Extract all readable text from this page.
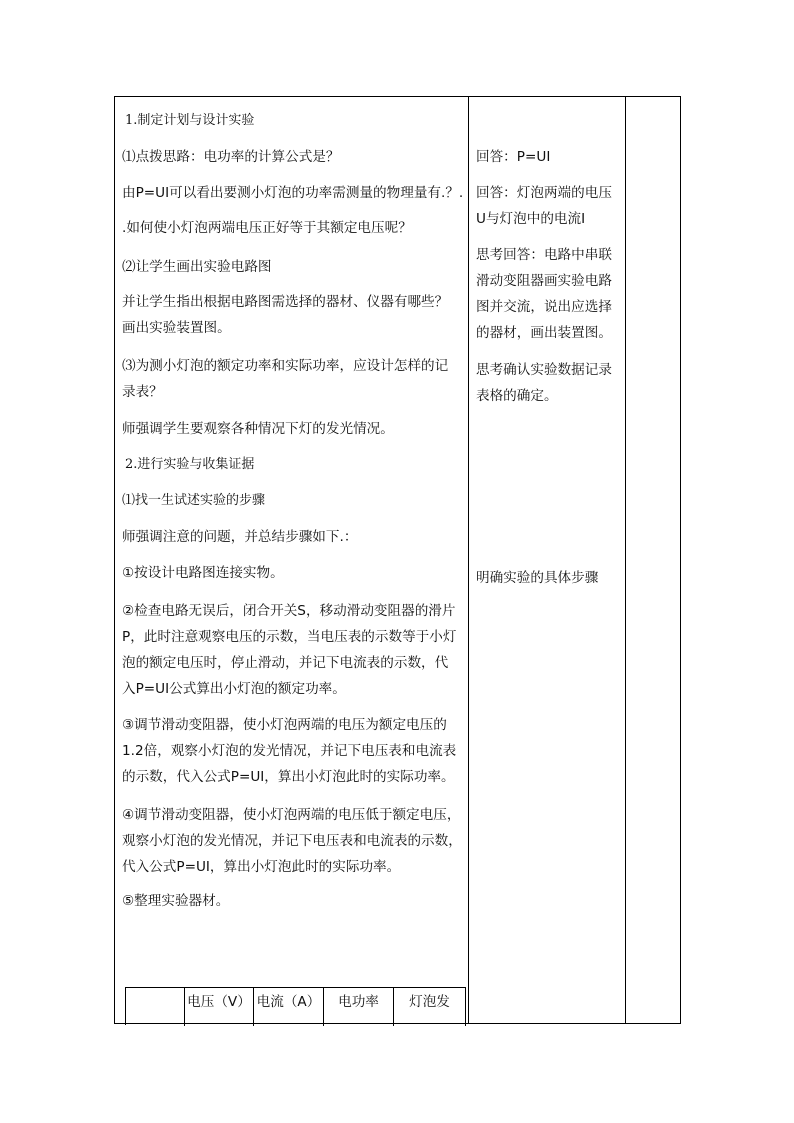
1.制定计划与设计实验
⑴点拨思路：电功率的计算公式是？
由P=UI可以看出要测小灯泡的功率需测量的物理量有.？.
.如何使小灯泡两端电压正好等于其额定电压呢？
⑵让学生画出实验电路图
并让学生指出根据电路图需选择的器材、仪器有哪些？
画出实验装置图。
⑶为测小灯泡的额定功率和实际功率，应设计怎样的记
录表？
师强调学生要观察各种情况下灯的发光情况。
2.进行实验与收集证据
⑴找一生试述实验的步骤
师强调注意的问题，并总结步骤如下.：
①按设计电路图连接实物。
②检查电路无误后，闭合开关S，移动滑动变阻器的滑片
P，此时注意观察电压的示数，当电压表的示数等于小灯
泡的额定电压时，停止滑动，并记下电流表的示数，代
入P=UI公式算出小灯泡的额定功率。
③调节滑动变阻器，使小灯泡两端的电压为额定电压的
1.2倍，观察小灯泡的发光情况，并记下电压表和电流表
的示数，代入公式P=UI，算出小灯泡此时的实际功率。
④调节滑动变阻器，使小灯泡两端的电压低于额定电压，
观察小灯泡的发光情况，并记下电压表和电流表的示数，
代入公式P=UI，算出小灯泡此时的实际功率。
⑤整理实验器材。
电压（V） 电流（A）	电功率	灯泡发
回答：P=UI
回答：灯泡两端的电压
U与灯泡中的电流I
思考回答：电路中串联
滑动变阻器画实验电路
图并交流，说出应选择
的器材，画出装置图。
思考确认实验数据记录
表格的确定。
明确实验的具体步骤
